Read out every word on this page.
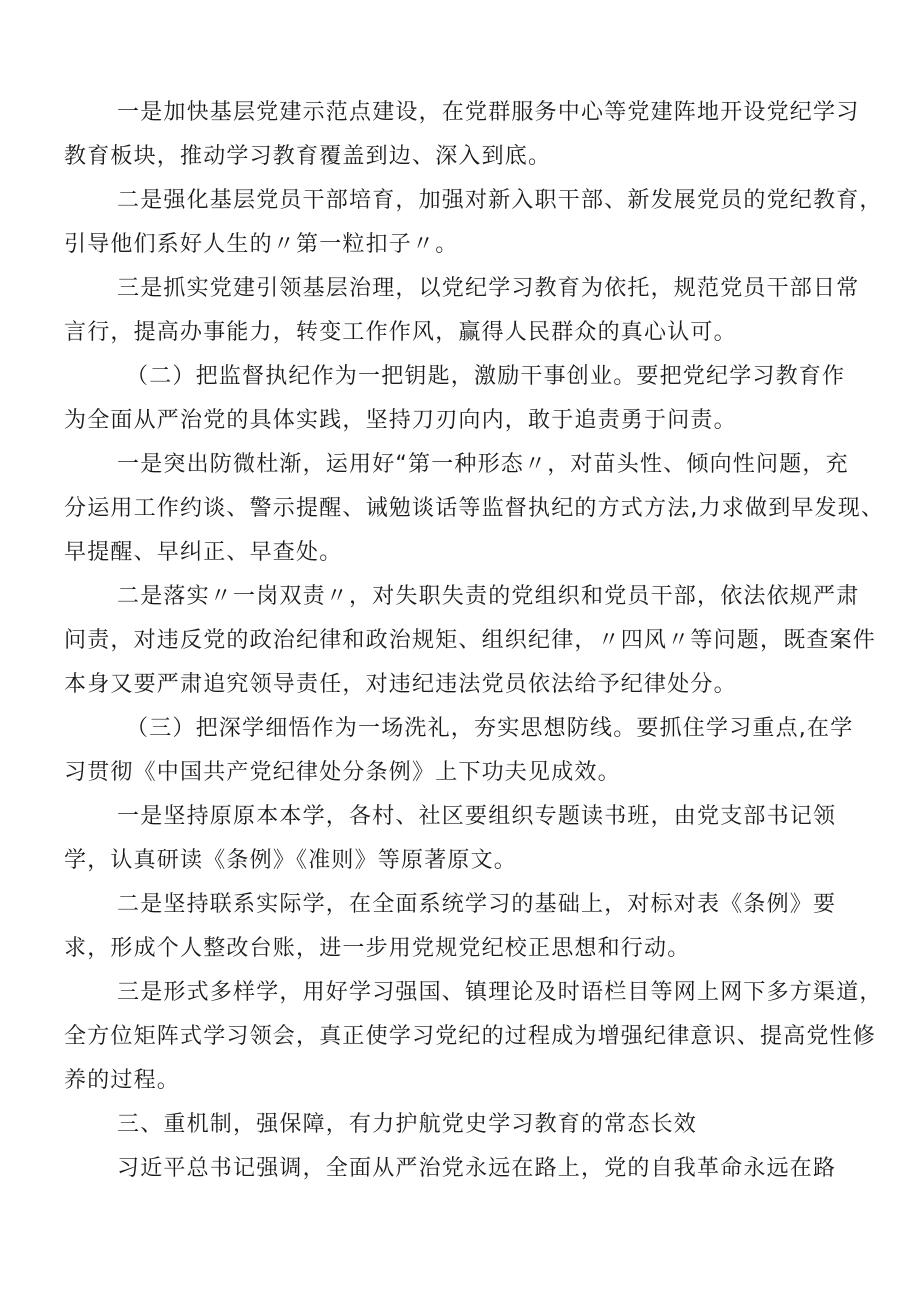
一是加快基层党建示范点建设，在党群服务中心等党建阵地开设党纪学习
教育板块，推动学习教育覆盖到边、深入到底。
二是强化基层党员干部培育，加强对新入职干部、新发展党员的党纪教育，
引导他们系好人生的〃第一粒扣子〃。
三是抓实党建引领基层治理，以党纪学习教育为依托，规范党员干部日常
言行，提高办事能力，转变工作作风，赢得人民群众的真心认可。
（二）把监督执纪作为一把钥匙，激励干事创业。要把党纪学习教育作
为全面从严治党的具体实践，坚持刀刃向内，敢于追责勇于问责。
一是突出防微杜渐，运用好“第一种形态〃，对苗头性、倾向性问题，充
分运用工作约谈、警示提醒、诫勉谈话等监督执纪的方式方法,力求做到早发现、
早提醒、早纠正、早查处。
二是落实〃一岗双责〃，对失职失责的党组织和党员干部，依法依规严肃
问责，对违反党的政治纪律和政治规矩、组织纪律，〃四风〃等问题，既查案件
本身又要严肃追究领导责任，对违纪违法党员依法给予纪律处分。
（三）把深学细悟作为一场洗礼，夯实思想防线。要抓住学习重点,在学
习贯彻《中国共产党纪律处分条例》上下功夫见成效。
一是坚持原原本本学，各村、社区要组织专题读书班，由党支部书记领
学，认真研读《条例》《准则》等原著原文。
二是坚持联系实际学，在全面系统学习的基础上，对标对表《条例》要
求，形成个人整改台账，进一步用党规党纪校正思想和行动。
三是形式多样学，用好学习强国、镇理论及时语栏目等网上网下多方渠道，
全方位矩阵式学习领会，真正使学习党纪的过程成为增强纪律意识、提高党性修
养的过程。
三、重机制，强保障，有力护航党史学习教育的常态长效
习近平总书记强调，全面从严治党永远在路上，党的自我革命永远在路
